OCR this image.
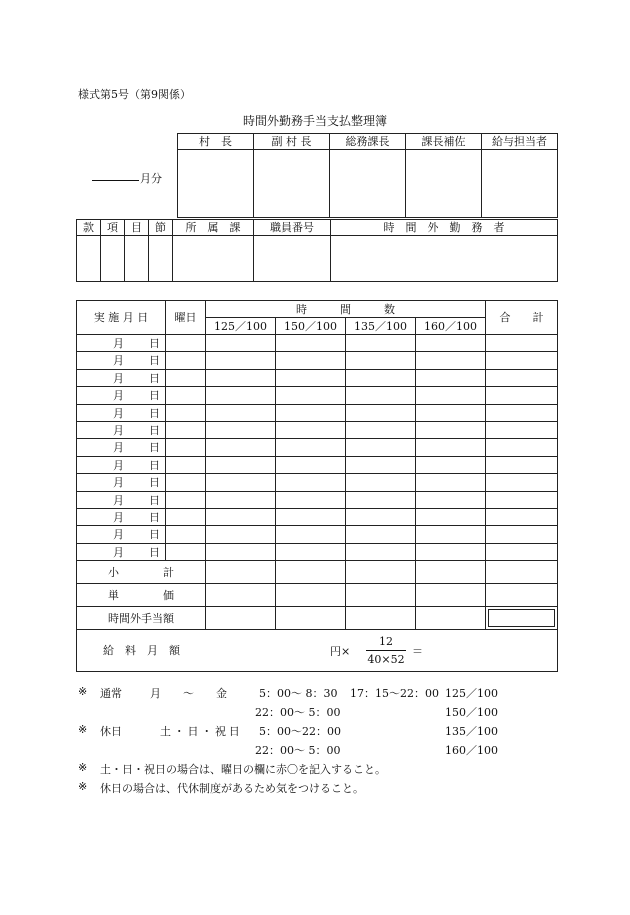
様式第5号（第9関係）
時間外勤務手当支払整理簿
月分
村　長	副 村 長	総務課長	課長補佐	給与担当者

款	項	目	節	所　属　課	職員番号	時　間　外　勤　務　者

実 施 月 日	曜日	時　　　間　　　数				合　　計
		125／100	150／100	135／100	160／100	

月 日						

月 日						

月 日						

月 日						

月 日						

月 日						

月 日						

月 日						

月 日						

月 日						

月 日						

月 日						

月 日						

小　　　　計						
単　　　　価						
時間外手当額						

給　料　月　額 円×
12
40×52
＝						
※ 通常	月　　～　　金	5：00～ 8：30 17：15～22：00 125／100
22：00～ 5：00	150／100
※ 休日	土・日・祝日 5：00～22：00	135／100
22：00～ 5：00	160／100
※ 土・日・祝日の場合は、曜日の欄に赤〇を記入すること。
※ 休日の場合は、代休制度があるため気をつけること。
